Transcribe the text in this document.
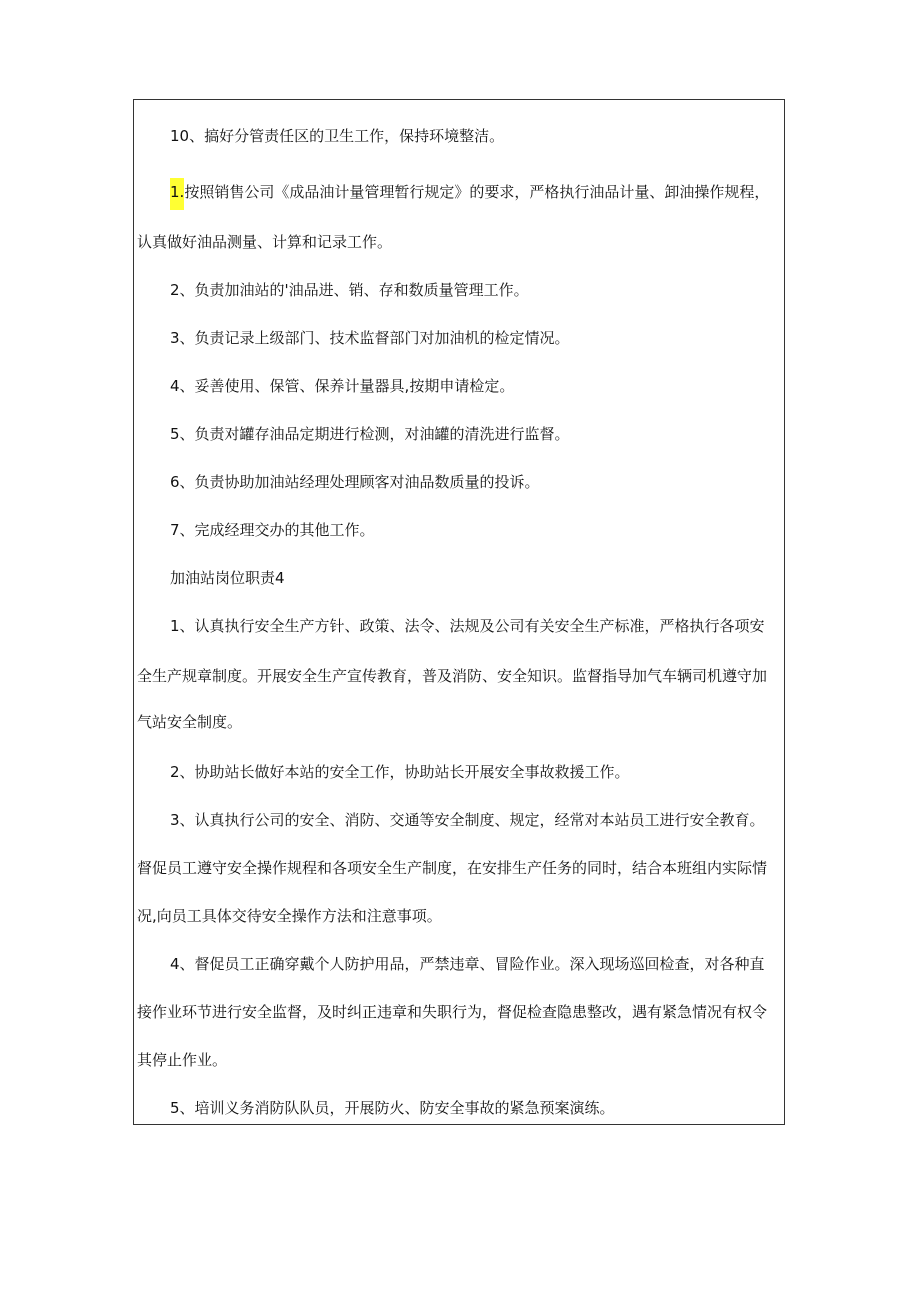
10、搞好分管责任区的卫生工作，保持环境整洁。
1.按照销售公司《成品油计量管理暂行规定》的要求，严格执行油品计量、卸油操作规程，
认真做好油品测量、计算和记录工作。
2、负责加油站的'油品进、销、存和数质量管理工作。
3、负责记录上级部门、技术监督部门对加油机的检定情况。
4、妥善使用、保管、保养计量器具,按期申请检定。
5、负责对罐存油品定期进行检测，对油罐的清洗进行监督。
6、负责协助加油站经理处理顾客对油品数质量的投诉。
7、完成经理交办的其他工作。
加油站岗位职责4
1、认真执行安全生产方针、政策、法令、法规及公司有关安全生产标准，严格执行各项安
全生产规章制度。开展安全生产宣传教育，普及消防、安全知识。监督指导加气车辆司机遵守加
气站安全制度。
2、协助站长做好本站的安全工作，协助站长开展安全事故救援工作。
3、认真执行公司的安全、消防、交通等安全制度、规定，经常对本站员工进行安全教育。
督促员工遵守安全操作规程和各项安全生产制度，在安排生产任务的同时，结合本班组内实际情
况,向员工具体交待安全操作方法和注意事项。
4、督促员工正确穿戴个人防护用品，严禁违章、冒险作业。深入现场巡回检查，对各种直
接作业环节进行安全监督，及时纠正违章和失职行为，督促检查隐患整改，遇有紧急情况有权令
其停止作业。
5、培训义务消防队队员，开展防火、防安全事故的紧急预案演练。
